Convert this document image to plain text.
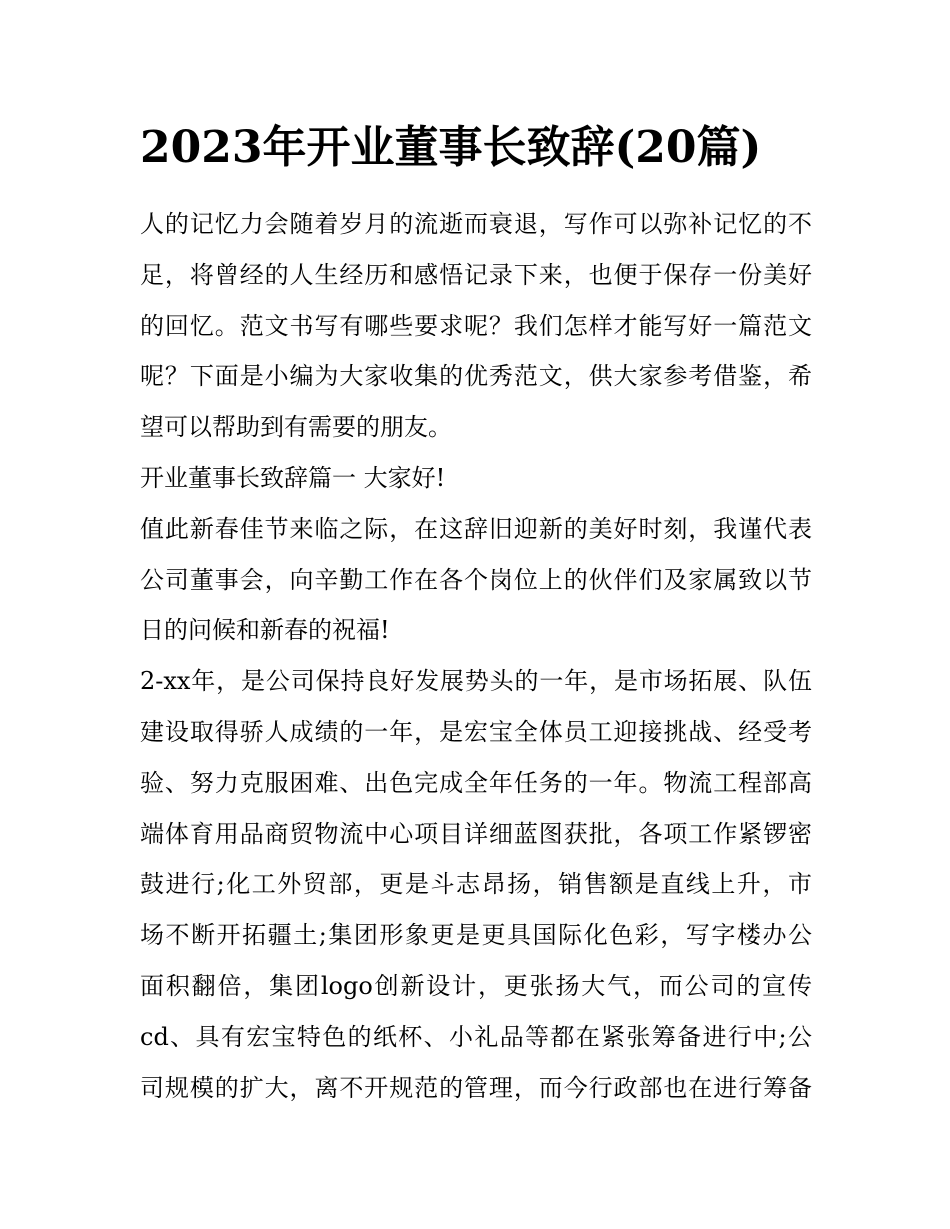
2023年开业董事长致辞(20篇)
人的记忆力会随着岁月的流逝而衰退，写作可以弥补记忆的不
足，将曾经的人生经历和感悟记录下来，也便于保存一份美好
的回忆。范文书写有哪些要求呢？我们怎样才能写好一篇范文
呢？下面是小编为大家收集的优秀范文，供大家参考借鉴，希
望可以帮助到有需要的朋友。
开业董事长致辞篇一 大家好!
值此新春佳节来临之际，在这辞旧迎新的美好时刻，我谨代表
公司董事会，向辛勤工作在各个岗位上的伙伴们及家属致以节
日的问候和新春的祝福!
2-xx年，是公司保持良好发展势头的一年，是市场拓展、队伍
建设取得骄人成绩的一年，是宏宝全体员工迎接挑战、经受考
验、努力克服困难、出色完成全年任务的一年。物流工程部高
端体育用品商贸物流中心项目详细蓝图获批，各项工作紧锣密
鼓进行;化工外贸部，更是斗志昂扬，销售额是直线上升，市
场不断开拓疆土;集团形象更是更具国际化色彩，写字楼办公
面积翻倍，集团logo创新设计，更张扬大气，而公司的宣传
cd、具有宏宝特色的纸杯、小礼品等都在紧张筹备进行中;公
司规模的扩大，离不开规范的管理，而今行政部也在进行筹备
